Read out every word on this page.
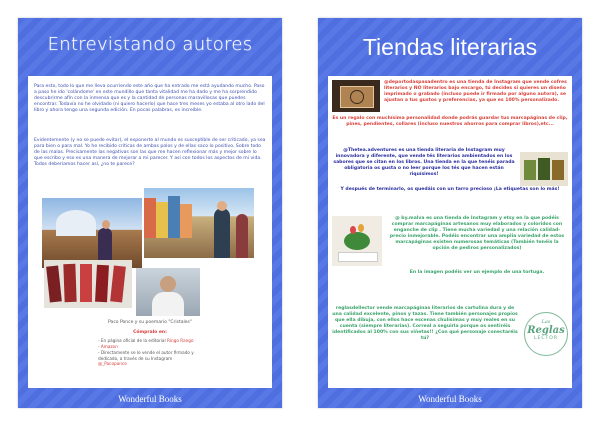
Entrevistando autores
Para esto, todo lo que me lleva ocurriendo este año que ha entrado me está ayudando mucho. Paso a paso he ido 'colándome' en este mundillo que tanta vitalidad me ha dado y me ha sorprendido descubrirme afín con la inmensa que es y la cantidad de personas maravillosas que puedes encontrar. Todavía no he olvidado (ni quiero hacerlo) que hace tres meses yo estaba al otro lado del libro y ahora tengo una segunda edición. En pocas palabras, es increíble.
Evidentemente (y no se puede evitar), el exponerte al mundo es susceptible de ser criticado, ya sea para bien o para mal. Yo he recibido críticas de ambas polos y de ellas saco lo positivo. Sobre todo de las malas. Precisamente las negativas son las que me hacen reflexionar más y mejor sobre lo que escribo y eso es una manera de mejorar a mi parecer. Y así con todos los aspectos de mi vida. Todos deberíamos hacer así, ¿no te parece?
Paco Ponce y su poemario "Cristales"
Cómpralo en:
- En página oficial de la editorial Ringo Rango
- Amazon
- Directamente se lo vende el autor firmado y dedicado, a través de su Instagram @_Pacoponce
Wonderful Books
Tiendas literarias
@deportodaspasadentro es una tienda de Instagram que vende cofres literarios y NO literarios bajo encargo, tú decides si quieres un diseño imprimado o grabado (incluso puede ir firmado por alguno autora), se ajustan a tus gustos y preferencias, ya que es 100% personalizado.
Es un regalo con muchísima personalidad donde podrás guardar tus marcapáginas de clip, pines, pendientes, collares (incluso nuestros ahorros para comprar libros),etc...
@Thetea.adventures es una tienda literaria de Instagram muy innovadora y diferente, que vende tés literarios ambientados en los sabores que se citan en los libros. Una tienda en la que tenéis parada obligatoria os gusta o no leer porque los tés que hacen están riquísimos!
Y después de terminarlo, os quedáis con un tarro precioso ¡La etiquetas son lo más!
@ by.malva es una tienda de Instagram y etsy en la que podéis comprar marcapáginas artesanos muy elaborados y coloridos con enganche de clip . Tiene mucha variedad y una relación calidad- precio inmejorable. Podéis encontrar una amplia variedad de estos marcapáginas existen numerosas temáticas (También tenéis la opción de pediros personalizados)
En la imagen podéis ver un ejemplo de una tortuga.
reglasdellector vende marcapáginas literarios de cartulina dura y de una calidad excelente, pinos y tazas. Tiene también personajes propios que ella dibuja, con ellos hace escenas chulísimas y muy reales en su cuenta (siempre literarias). Correal a seguirla porque os sentiréis identificados al 100% con sus viñetas!! ¿Con qué personaje conectaréis tú?
Las
Reglas
LECTOR
Wonderful Books
